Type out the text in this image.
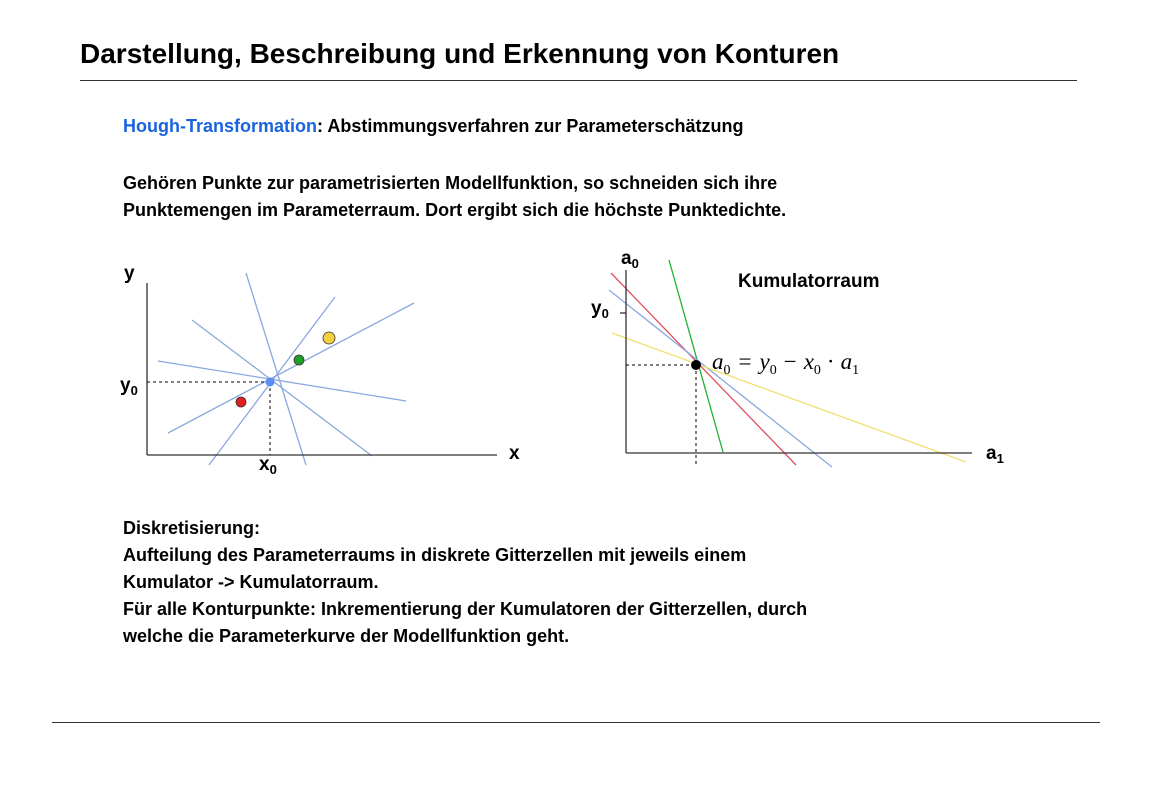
Darstellung, Beschreibung und Erkennung von Konturen

Hough-Transformation: Abstimmungsverfahren zur Parameterschätzung

Gehören Punkte zur parametrisierten Modellfunktion, so schneiden sich ihre
Punktemengen im Parameterraum. Dort ergibt sich die höchste Punktedichte.
y
x
$y_0$
$x_0$
$a_0$
$a_1$
$y_0$
Kumulatorraum
$a_0 = y_0 - x_0 \cdot a_1$
Diskretisierung:
Aufteilung des Parameterraums in diskrete Gitterzellen mit jeweils einem
Kumulator -> Kumulatorraum.
Für alle Konturpunkte: Inkrementierung der Kumulatoren der Gitterzellen, durch
welche die Parameterkurve der Modellfunktion geht.
